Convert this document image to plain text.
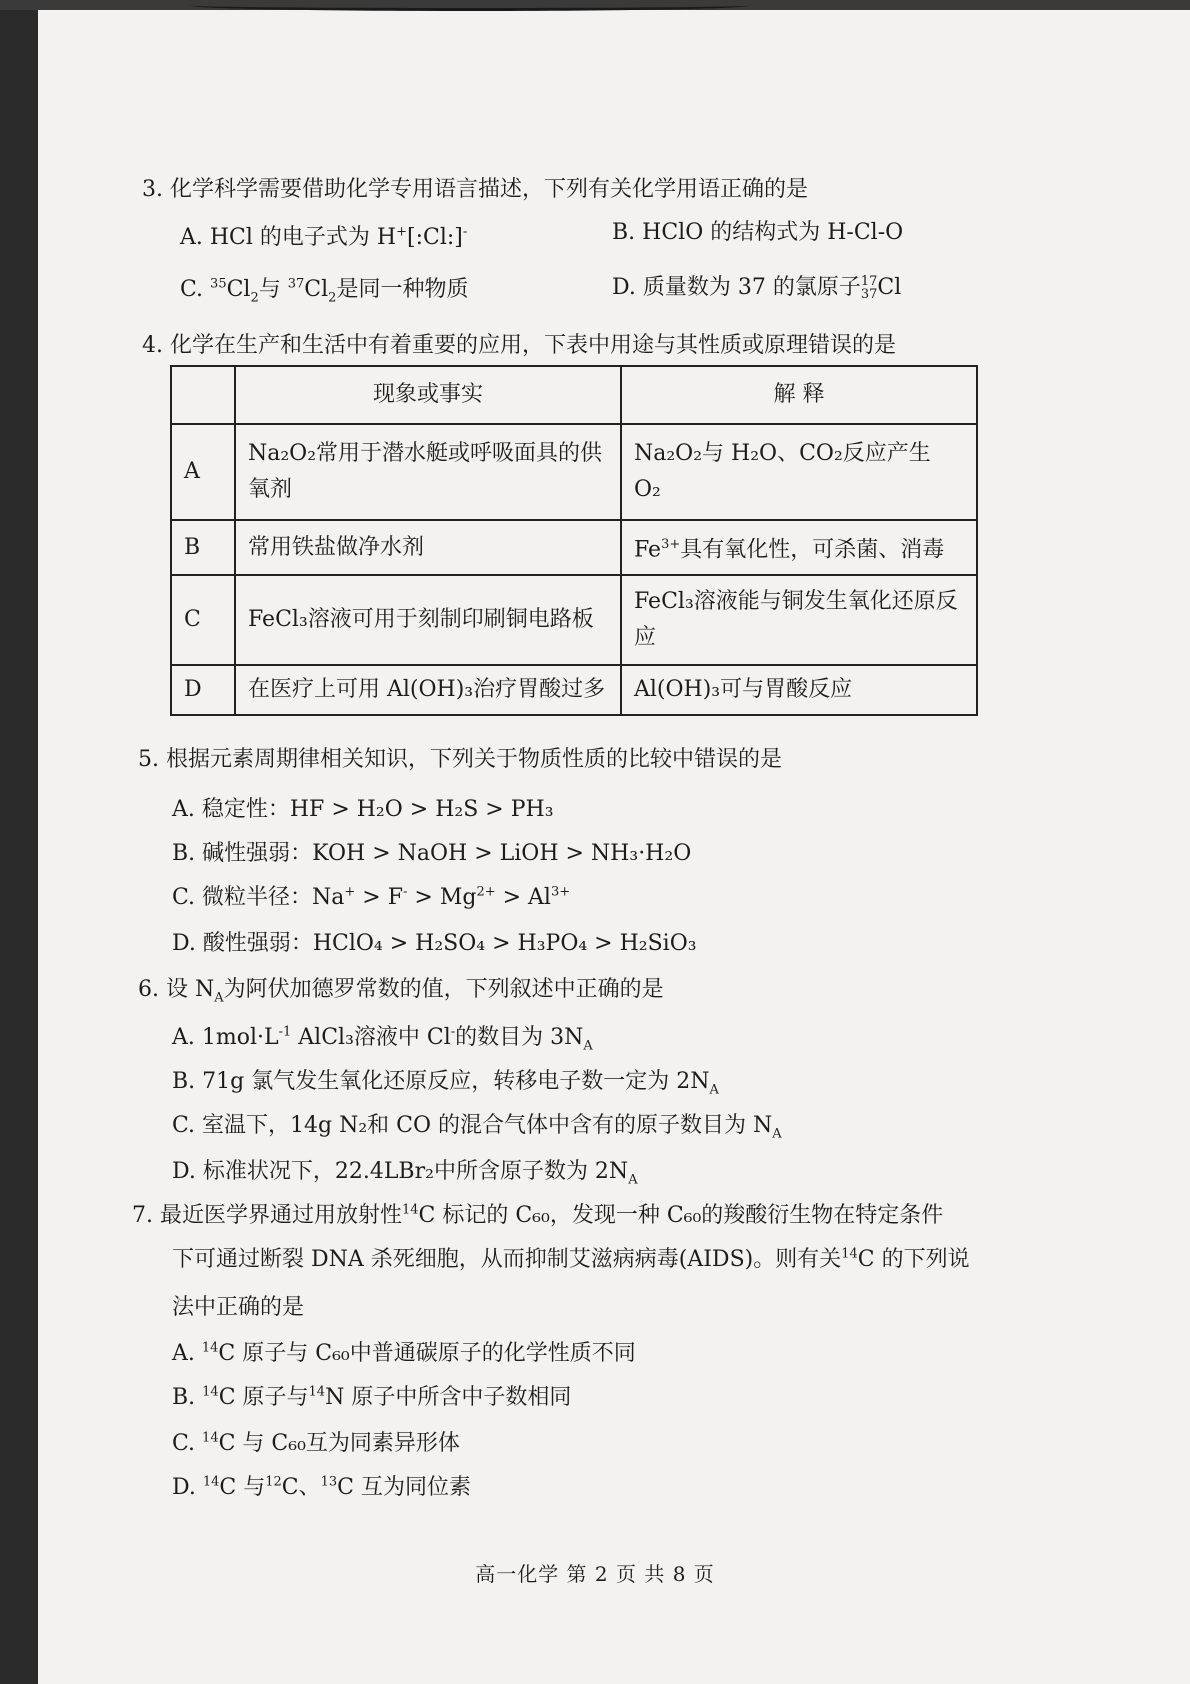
3. 化学科学需要借助化学专用语言描述，下列有关化学用语正确的是
A. HCl 的电子式为 H+[:Cl:]-	B. HClO 的结构式为 H-Cl-O
C. $^{35}Cl_2$与 $^{37}Cl_2$是同一种物质	D. 质量数为 37 的氯原子17
37Cl
4. 化学在生产和生活中有着重要的应用，下表中用途与其性质或原理错误的是
	现象或事实	解 释
A	Na₂O₂常用于潜水艇或呼吸面具的供氧剂	Na₂O₂与 H₂O、CO₂反应产生 O₂
B	常用铁盐做净水剂	$Fe^{3+}$具有氧化性，可杀菌、消毒
C	FeCl₃溶液可用于刻制印刷铜电路板	FeCl₃溶液能与铜发生氧化还原反应
D	在医疗上可用 Al(OH)₃治疗胃酸过多	Al(OH)₃可与胃酸反应
5. 根据元素周期律相关知识，下列关于物质性质的比较中错误的是
A. 稳定性：HF > H₂O > H₂S > PH₃
B. 碱性强弱：KOH > NaOH > LiOH > NH₃·H₂O
C. 微粒半径：$Na^+ > F^- > Mg^{2+} > Al^{3+}$
D. 酸性强弱：HClO₄ > H₂SO₄ > H₃PO₄ > H₂SiO₃
6. 设 $N_A$为阿伏加德罗常数的值，下列叙述中正确的是
A. $1mol\cdot L^{-1}$ AlCl₃溶液中 Cl-的数目为 $3N_A$
B. 71g 氯气发生氧化还原反应，转移电子数一定为 $2N_A$
C. 室温下，14g N₂和 CO 的混合气体中含有的原子数目为 $N_A$
D. 标准状况下，22.4LBr₂中所含原子数为 $2N_A$
7. 最近医学界通过用放射性$^{14}$C 标记的 C₆₀，发现一种 C₆₀的羧酸衍生物在特定条件
下可通过断裂 DNA 杀死细胞，从而抑制艾滋病病毒(AIDS)。则有关$^{14}$C 的下列说
法中正确的是
A. $^{14}$C 原子与 C₆₀中普通碳原子的化学性质不同
B. $^{14}$C 原子与$^{14}$N 原子中所含中子数相同
C. $^{14}$C 与 C₆₀互为同素异形体
D. $^{14}$C 与$^{12}$C、$^{13}$C 互为同位素
高一化学 第 2 页 共 8 页
